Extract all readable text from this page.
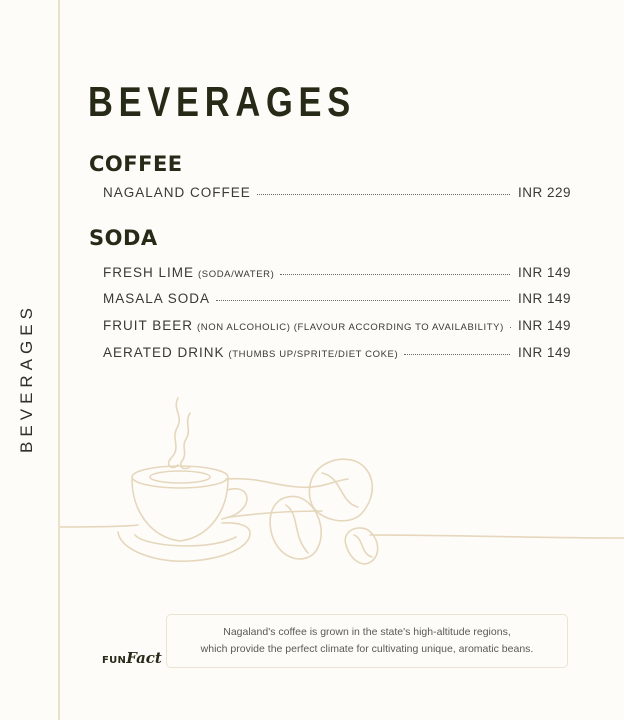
BEVERAGES
BEVERAGES
COFFEE
NAGALAND COFFEE	INR 229
SODA
FRESH LIME (SODA/WATER)	INR 149
MASALA SODA	INR 149
FRUIT BEER (NON ALCOHOLIC) (FLAVOUR ACCORDING TO AVAILABILITY) INR 149
AERATED DRINK (THUMBS UP/SPRITE/DIET COKE)	INR 149
Nagaland's coffee is grown in the state's high-altitude regions,
which provide the perfect climate for cultivating unique, aromatic beans.
FUNFact
